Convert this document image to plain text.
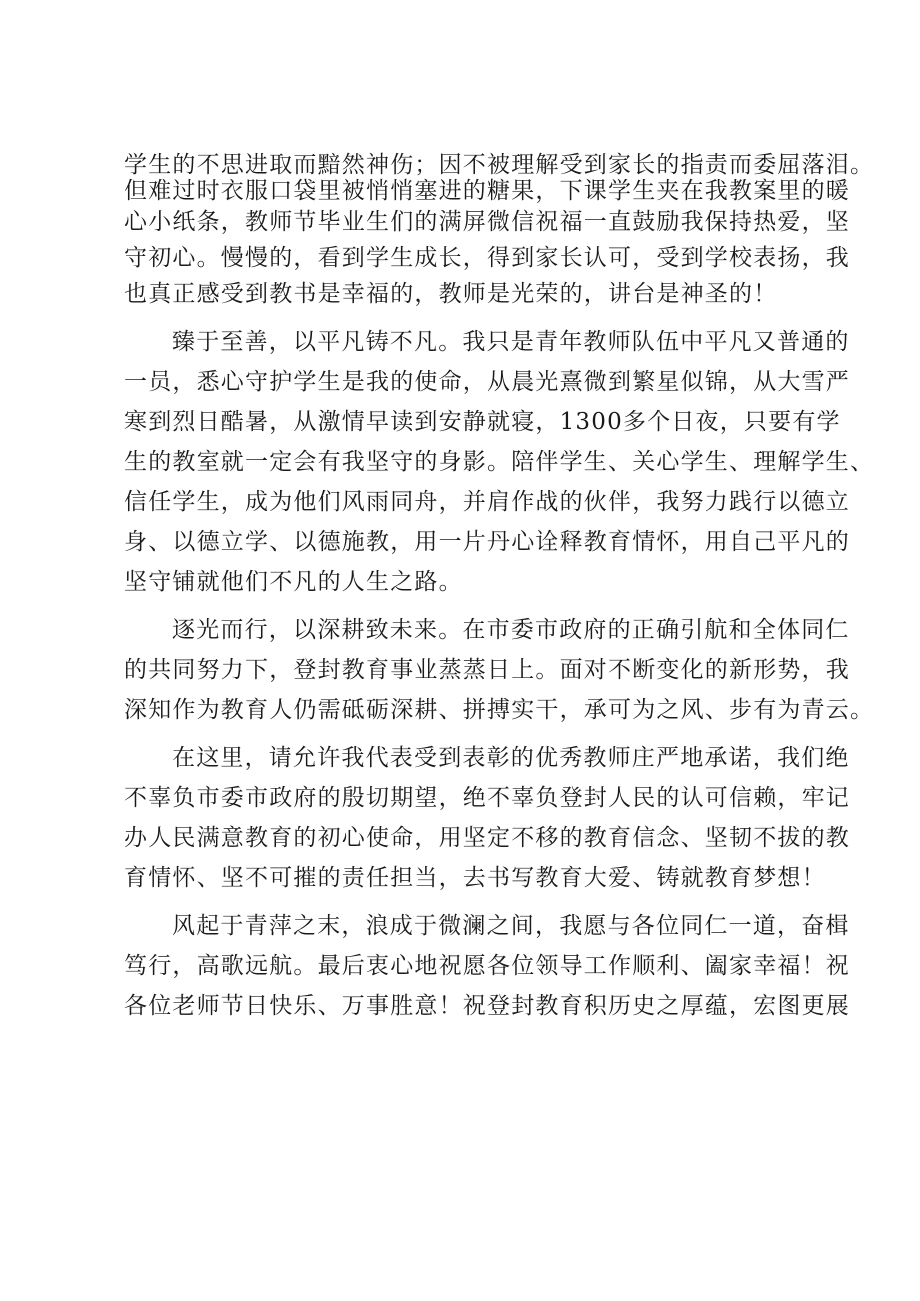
学生的不思进取而黯然神伤；因不被理解受到家长的指责而委屈落泪。
但难过时衣服口袋里被悄悄塞进的糖果，下课学生夹在我教案里的暖
心小纸条，教师节毕业生们的满屏微信祝福一直鼓励我保持热爱，坚
守初心。慢慢的，看到学生成长，得到家长认可，受到学校表扬，我
也真正感受到教书是幸福的，教师是光荣的，讲台是神圣的！
臻于至善，以平凡铸不凡。我只是青年教师队伍中平凡又普通的
一员，悉心守护学生是我的使命，从晨光熹微到繁星似锦，从大雪严
寒到烈日酷暑，从激情早读到安静就寝，1300多个日夜，只要有学
生的教室就一定会有我坚守的身影。陪伴学生、关心学生、理解学生、
信任学生，成为他们风雨同舟，并肩作战的伙伴，我努力践行以德立
身、以德立学、以德施教，用一片丹心诠释教育情怀，用自己平凡的
坚守铺就他们不凡的人生之路。
逐光而行，以深耕致未来。在市委市政府的正确引航和全体同仁
的共同努力下，登封教育事业蒸蒸日上。面对不断变化的新形势，我
深知作为教育人仍需砥砺深耕、拼搏实干，承可为之风、步有为青云。
在这里，请允许我代表受到表彰的优秀教师庄严地承诺，我们绝
不辜负市委市政府的殷切期望，绝不辜负登封人民的认可信赖，牢记
办人民满意教育的初心使命，用坚定不移的教育信念、坚韧不拔的教
育情怀、坚不可摧的责任担当，去书写教育大爱、铸就教育梦想！
风起于青萍之末，浪成于微澜之间，我愿与各位同仁一道，奋楫
笃行，高歌远航。最后衷心地祝愿各位领导工作顺利、阖家幸福！祝
各位老师节日快乐、万事胜意！祝登封教育积历史之厚蕴，宏图更展
